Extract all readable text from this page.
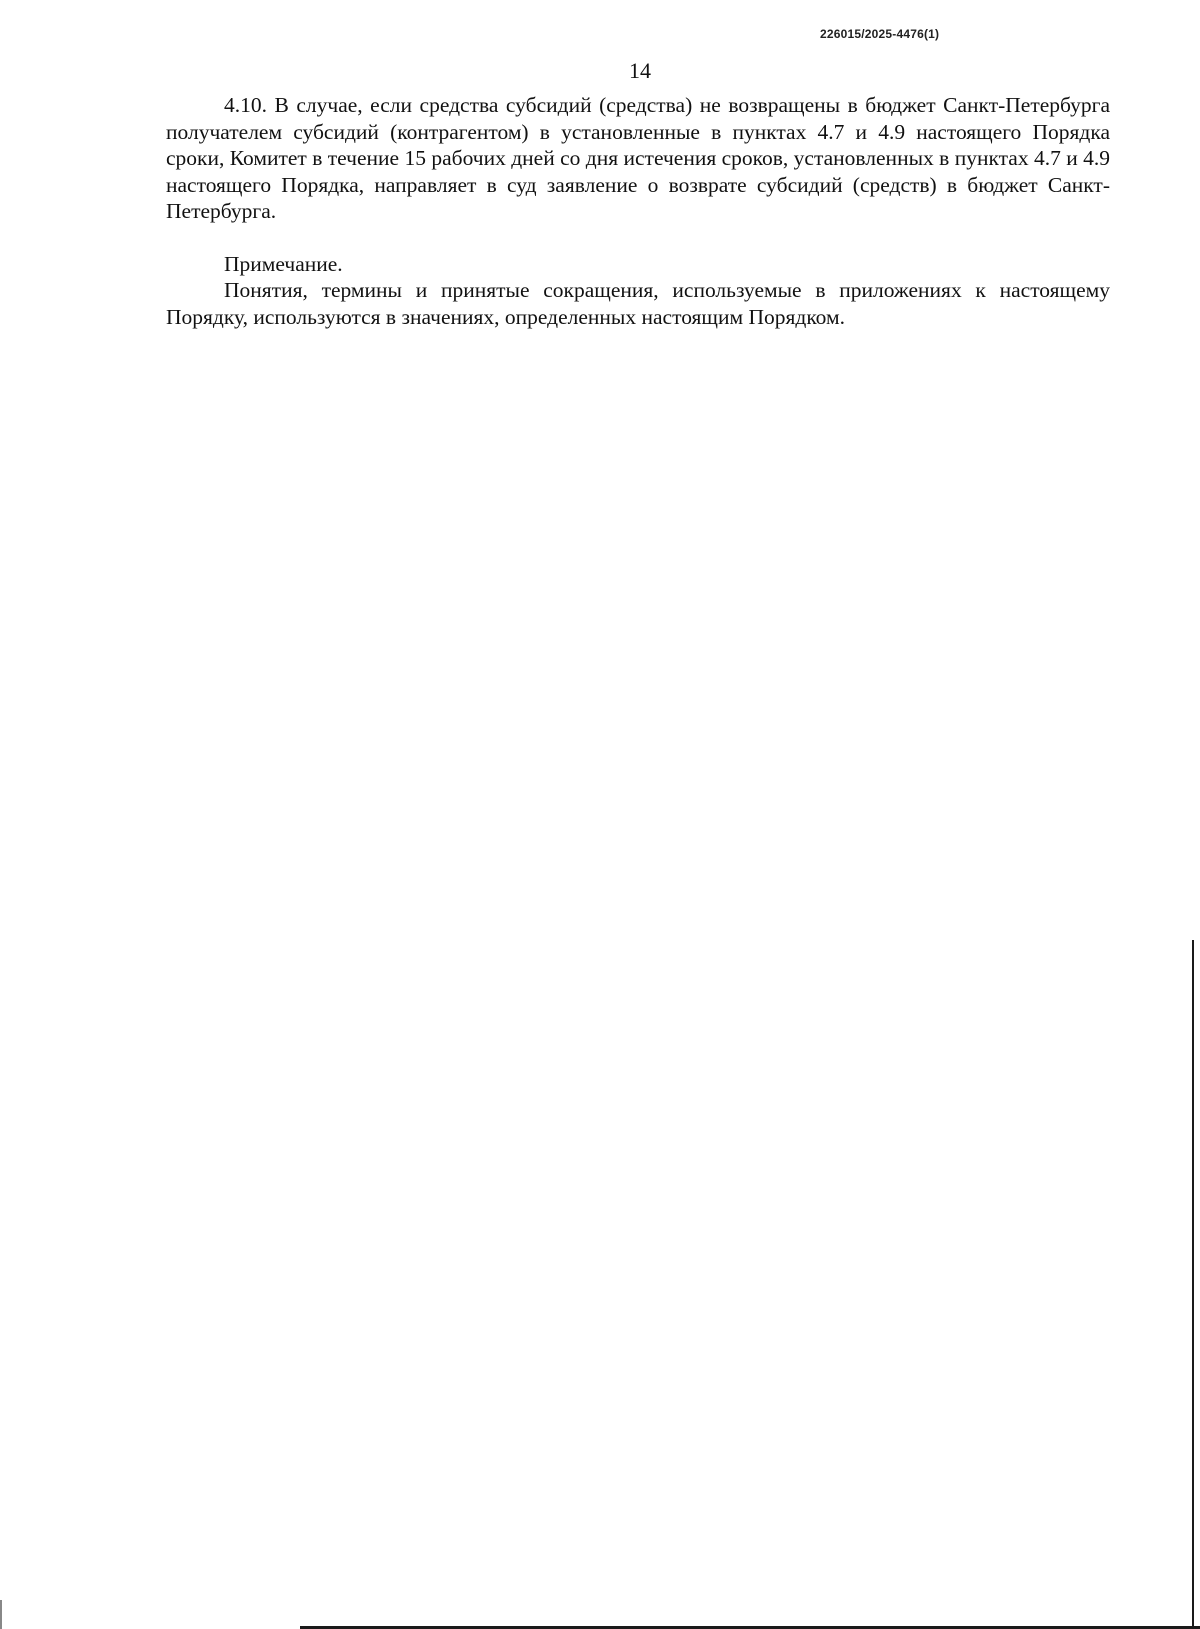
226015/2025-4476(1)
14

4.10. В случае, если средства субсидий (средства) не возвращены в бюджет Санкт-Петербурга получателем субсидий (контрагентом) в установленные в пунктах 4.7 и 4.9 настоящего Порядка сроки, Комитет в течение 15 рабочих дней со дня истечения сроков, установленных в пунктах 4.7 и 4.9 настоящего Порядка, направляет в суд заявление о возврате субсидий (средств) в бюджет Санкт-Петербурга.

Примечание.

Понятия, термины и принятые сокращения, используемые в приложениях к настоящему Порядку, используются в значениях, определенных настоящим Порядком.
